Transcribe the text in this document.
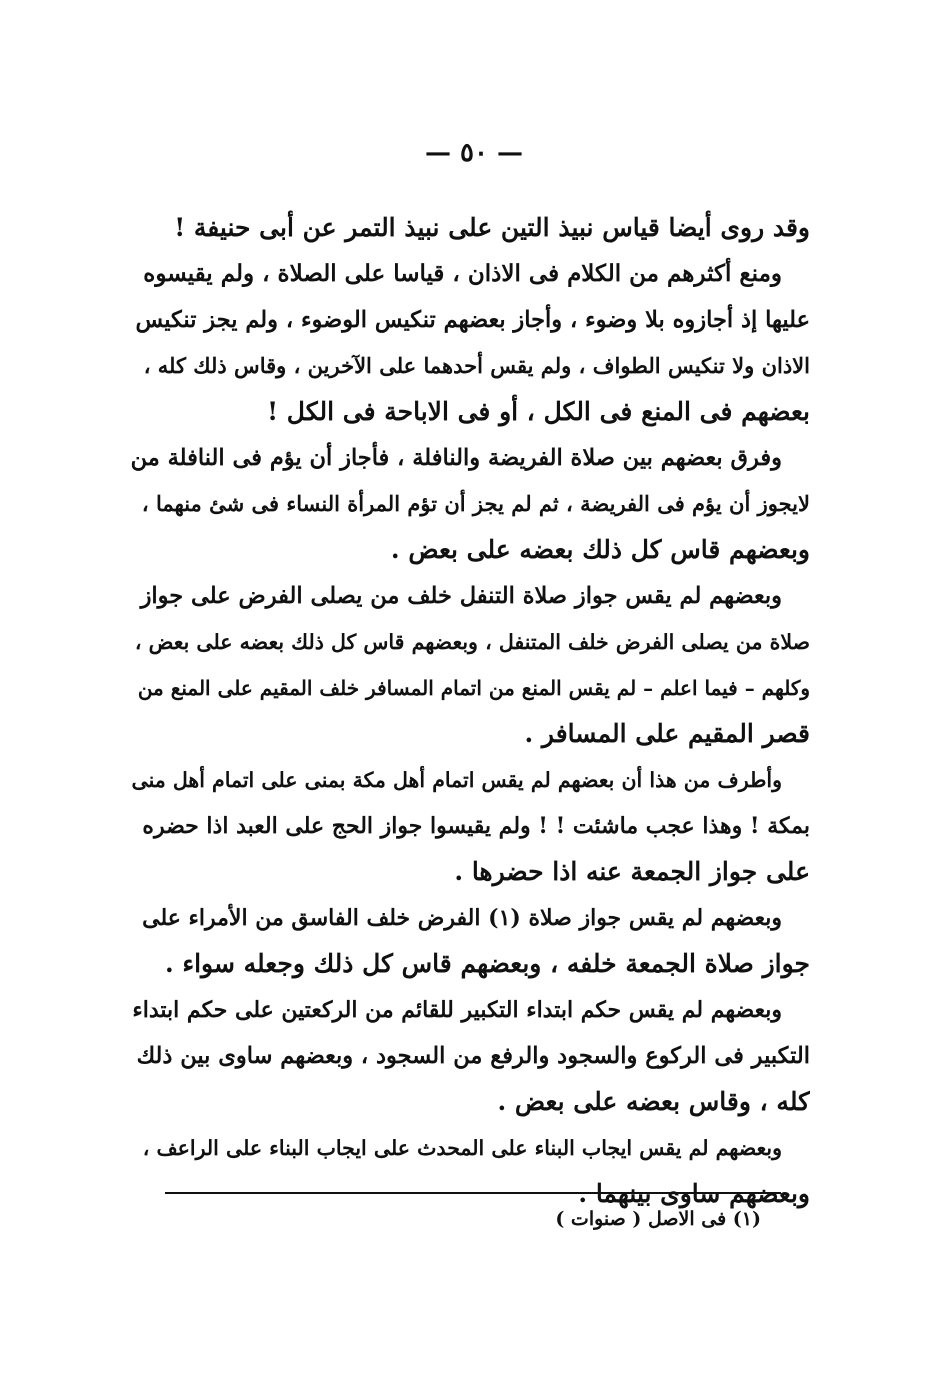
— ٥٠ —
وقد روى أيضا قياس نبيذ التين على نبيذ التمر عن أبى حنيفة !
ومنع أكثرهم من الكلام فى الاذان ، قياسا على الصلاة ، ولم يقيسوه
عليها إذ أجازوه بلا وضوء ، وأجاز بعضهم تنكيس الوضوء ، ولم يجز تنكيس
الاذان ولا تنكيس الطواف ، ولم يقس أحدهما على الآخرين ، وقاس ذلك كله ،
بعضهم فى المنع فى الكل ، أو فى الاباحة فى الكل !
وفرق بعضهم بين صلاة الفريضة والنافلة ، فأجاز أن يؤم فى النافلة من
لايجوز أن يؤم فى الفريضة ، ثم لم يجز أن تؤم المرأة النساء فى شئ منهما ،
وبعضهم قاس كل ذلك بعضه على بعض .
وبعضهم لم يقس جواز صلاة التنفل خلف من يصلى الفرض على جواز
صلاة من يصلى الفرض خلف المتنفل ، وبعضهم قاس كل ذلك بعضه على بعض ،
وكلهم – فيما اعلم – لم يقس المنع من اتمام المسافر خلف المقيم على المنع من
قصر المقيم على المسافر .
وأطرف من هذا أن بعضهم لم يقس اتمام أهل مكة بمنى على اتمام أهل منى
بمكة ! وهذا عجب ماشئت ! ! ولم يقيسوا جواز الحج على العبد اذا حضره
على جواز الجمعة عنه اذا حضرها .
وبعضهم لم يقس جواز صلاة (١) الفرض خلف الفاسق من الأمراء على
جواز صلاة الجمعة خلفه ، وبعضهم قاس كل ذلك وجعله سواء .
وبعضهم لم يقس حكم ابتداء التكبير للقائم من الركعتين على حكم ابتداء
التكبير فى الركوع والسجود والرفع من السجود ، وبعضهم ساوى بين ذلك
كله ، وقاس بعضه على بعض .
وبعضهم لم يقس ايجاب البناء على المحدث على ايجاب البناء على الراعف ،
وبعضهم ساوى بينهما .
(١) فى الاصل ( صنوات )
